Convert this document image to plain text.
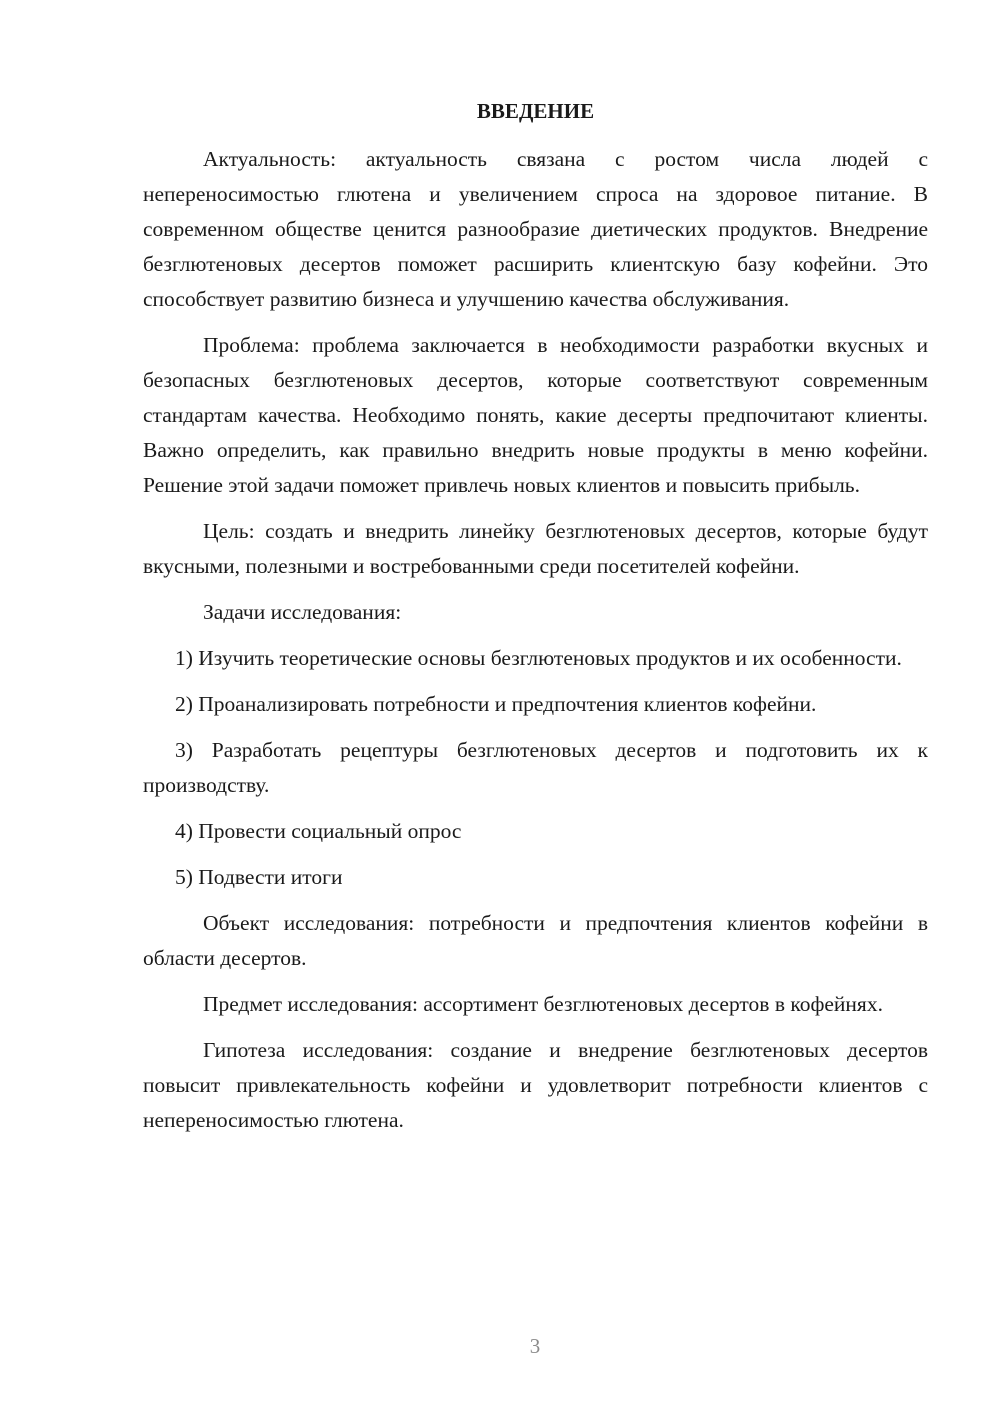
ВВЕДЕНИЕ

Актуальность: актуальность связана с ростом числа людей с непереносимостью глютена и увеличением спроса на здоровое питание. В современном обществе ценится разнообразие диетических продуктов. Внедрение безглютеновых десертов поможет расширить клиентскую базу кофейни. Это способствует развитию бизнеса и улучшению качества обслуживания.

Проблема: проблема заключается в необходимости разработки вкусных и безопасных безглютеновых десертов, которые соответствуют современным стандартам качества. Необходимо понять, какие десерты предпочитают клиенты. Важно определить, как правильно внедрить новые продукты в меню кофейни. Решение этой задачи поможет привлечь новых клиентов и повысить прибыль.

Цель: создать и внедрить линейку безглютеновых десертов, которые будут вкусными, полезными и востребованными среди посетителей кофейни.

Задачи исследования:

1) Изучить теоретические основы безглютеновых продуктов и их особенности.

2) Проанализировать потребности и предпочтения клиентов кофейни.

3) Разработать рецептуры безглютеновых десертов и подготовить их к производству.

4) Провести социальный опрос

5) Подвести итоги

Объект исследования: потребности и предпочтения клиентов кофейни в области десертов.

Предмет исследования: ассортимент безглютеновых десертов в кофейнях.

Гипотеза исследования: создание и внедрение безглютеновых десертов повысит привлекательность кофейни и удовлетворит потребности клиентов с непереносимостью глютена.

3
